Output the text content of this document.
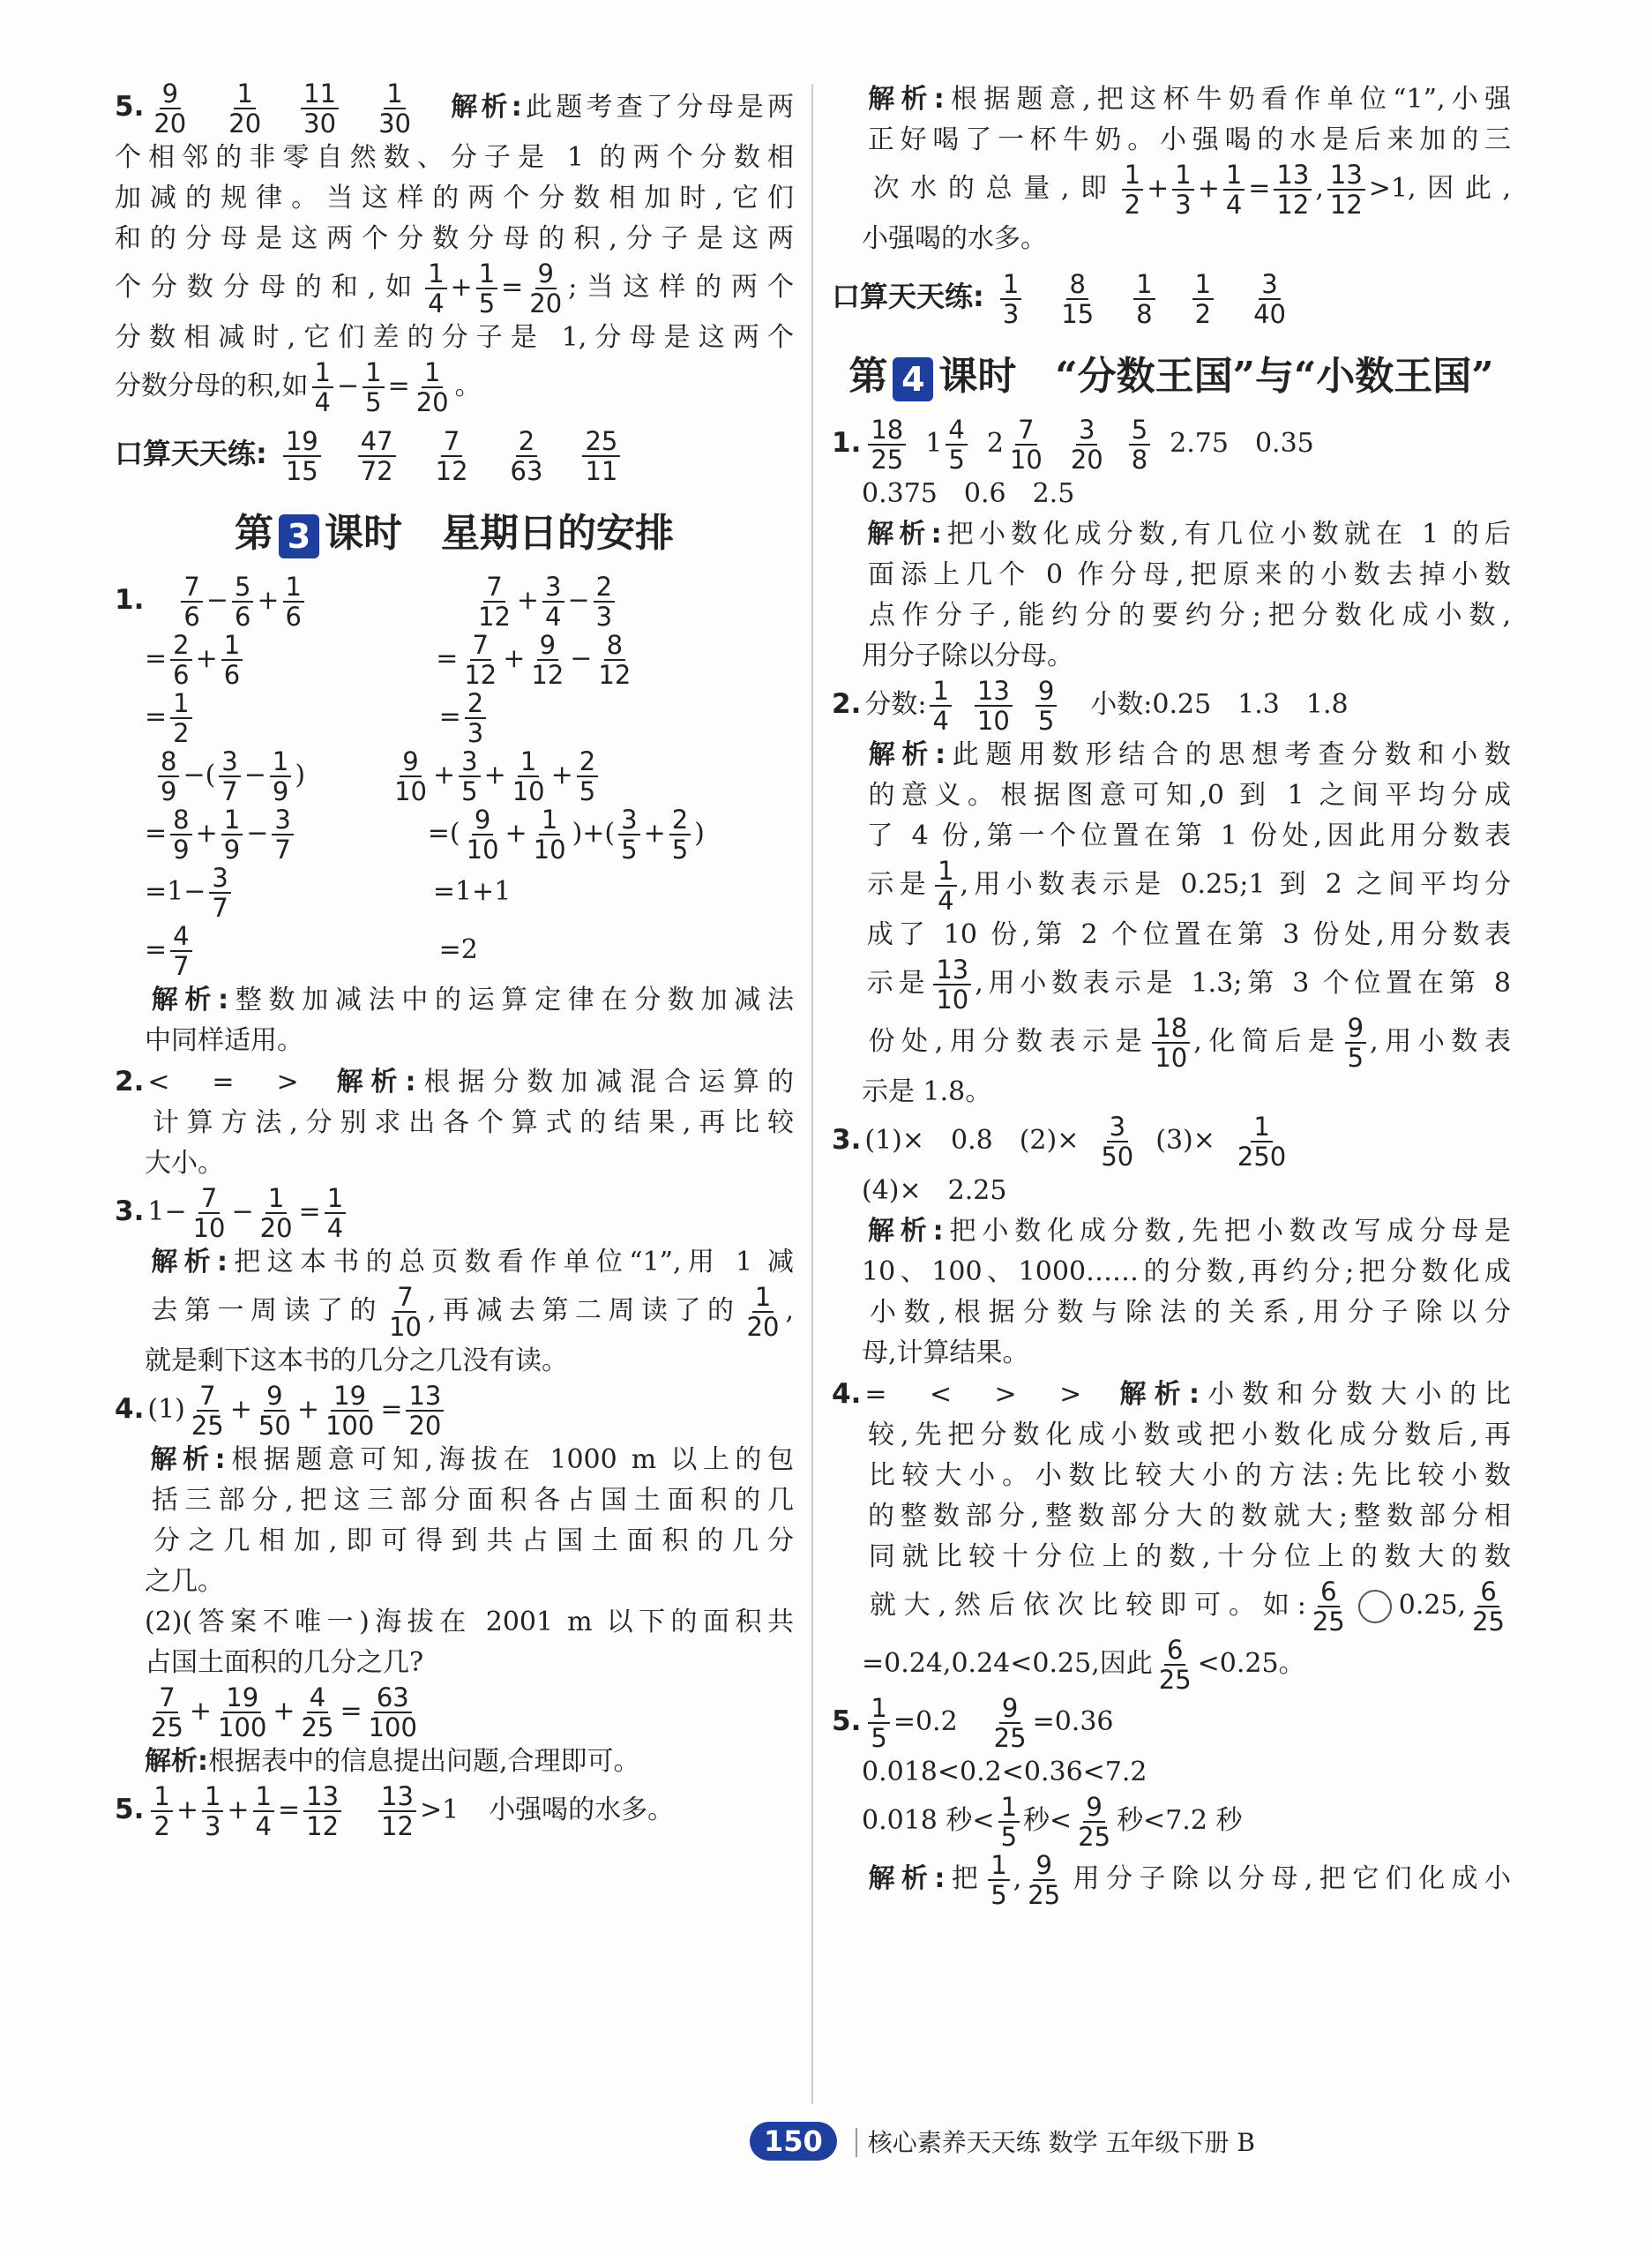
5. $\frac{9}{20} \frac{1}{20} \frac{11}{30} \frac{1}{30}$ 解析:此题考查了分母是两

个相邻的非零自然数、分子是 1 的两个分数相

加减的规律。当这样的两个分数相加时,它们

和的分母是这两个分数分母的积,分子是这两

个分数分母的和,如 $\frac{1}{4} + \frac{1}{5} = \frac{9}{20}$ ;当这样的两个

分数相减时,它们差的分子是 1,分母是这两个

分数分母的积,如 $\frac{1}{4} - \frac{1}{5} = \frac{1}{20}$ 。

口算天天练: $\frac{19}{15} \frac{47}{72} \frac{7}{12} \frac{2}{63} \frac{25}{11}$

第 3 课时　星期日的安排

1. $\frac{7}{6} - \frac{5}{6} + \frac{1}{6}$	$\frac{7}{12} + \frac{3}{4} - \frac{2}{3}$

= $\frac{2}{6} + \frac{1}{6}$	= $\frac{7}{12} + \frac{9}{12} - \frac{8}{12}$

= $\frac{1}{2}$	= $\frac{2}{3}$

$\frac{8}{9}$ −( $\frac{3}{7} - \frac{1}{9}$ )	$\frac{9}{10} + \frac{3}{5} + \frac{1}{10} + \frac{2}{5}$

= $\frac{8}{9} + \frac{1}{9} - \frac{3}{7}$	=( $\frac{9}{10} + \frac{1}{10}$ )+( $\frac{3}{5} + \frac{2}{5}$ )

$=1- \frac{3}{7}$	=1+1

= $\frac{4}{7}$	=2

解析:整数加减法中的运算定律在分数加减法

中同样适用。

2. <　=　> 解析:根据分数加减混合运算的

计算方法,分别求出各个算式的结果,再比较

大小。

3. $1- \frac{7}{10} - \frac{1}{20} = \frac{1}{4}$

解析:把这本书的总页数看作单位“1”,用 1 减

去第一周读了的 $\frac{7}{10}$ ,再减去第二周读了的 $\frac{1}{20}$ ,

就是剩下这本书的几分之几没有读。

4. $(1) \frac{7}{25} + \frac{9}{50} + \frac{19}{100} = \frac{13}{20}$

解析:根据题意可知,海拔在 1000 m 以上的包

括三部分,把这三部分面积各占国土面积的几

分之几相加,即可得到共占国土面积的几分

之几。

(2)(答案不唯一)海拔在 2001 m 以下的面积共

占国土面积的几分之几?

$\frac{7}{25} + \frac{19}{100} + \frac{4}{25} = \frac{63}{100}$

解析:根据表中的信息提出问题,合理即可。

5. $\frac{1}{2} + \frac{1}{3} + \frac{1}{4} = \frac{13}{12} \frac{13}{12} >1$ 小强喝的水多。

解析:根据题意,把这杯牛奶看作单位“1”,小强

正好喝了一杯牛奶。小强喝的水是后来加的三

次水的总量,即 $\frac{1}{2} + \frac{1}{3} + \frac{1}{4} = \frac{13}{12}$ , $\frac{13}{12} >1$,因此,

小强喝的水多。

口算天天练: $\frac{1}{3} \frac{8}{15} \frac{1}{8} \frac{1}{2} \frac{3}{40}$

第 4 课时　“分数王国”与“小数王国”

1. $\frac{18}{25} 1 \frac{4}{5} 2 \frac{7}{10} \frac{3}{20} \frac{5}{8} 2.75$　0.35

0.375　0.6　2.5

解析:把小数化成分数,有几位小数就在 1 的后

面添上几个 0 作分母,把原来的小数去掉小数

点作分子,能约分的要约分;把分数化成小数,

用分子除以分母。

2. 分数: $\frac{1}{4} \frac{13}{10} \frac{9}{5}$ 小数:0.25　1.3　1.8

解析:此题用数形结合的思想考查分数和小数

的意义。根据图意可知,0 到 1 之间平均分成

了 4 份,第一个位置在第 1 份处,因此用分数表

示是 $\frac{1}{4}$ ,用小数表示是 0.25;1 到 2 之间平均分

成了 10 份,第 2 个位置在第 3 份处,用分数表

示是 $\frac{13}{10}$ ,用小数表示是 1.3;第 3 个位置在第 8

份处,用分数表示是 $\frac{18}{10}$ ,化简后是 $\frac{9}{5}$ ,用小数表

示是 1.8。

3. (1)×　0.8　$(2)\times \frac{3}{50} (3)\times \frac{1}{250}$

(4)×　2.25

解析:把小数化成分数,先把小数改写成分母是

10、100、1000……的分数,再约分;把分数化成

小数,根据分数与除法的关系,用分子除以分

母,计算结果。

4. =　<　>　> 解析:小数和分数大小的比

较,先把分数化成小数或把小数化成分数后,再

比较大小。小数比较大小的方法:先比较小数

的整数部分,整数部分大的数就大;整数部分相

同就比较十分位上的数,十分位上的数大的数

就大,然后依次比较即可。如: $\frac{6}{25} 0.25$, $\frac{6}{25}$

=0.24,0.24<0.25,因此 $\frac{6}{25} <0.25$。

5. $\frac{1}{5} =0.2 \frac{9}{25} =0.36$

0.018<0.2<0.36<7.2

0.018 秒< $\frac{1}{5}$ 秒< $\frac{9}{25}$ 秒<7.2 秒

解析:把 $\frac{1}{5}$ , $\frac{9}{25}$ 用分子除以分母,把它们化成小

150 核心素养天天练 数学 五年级下册 B
